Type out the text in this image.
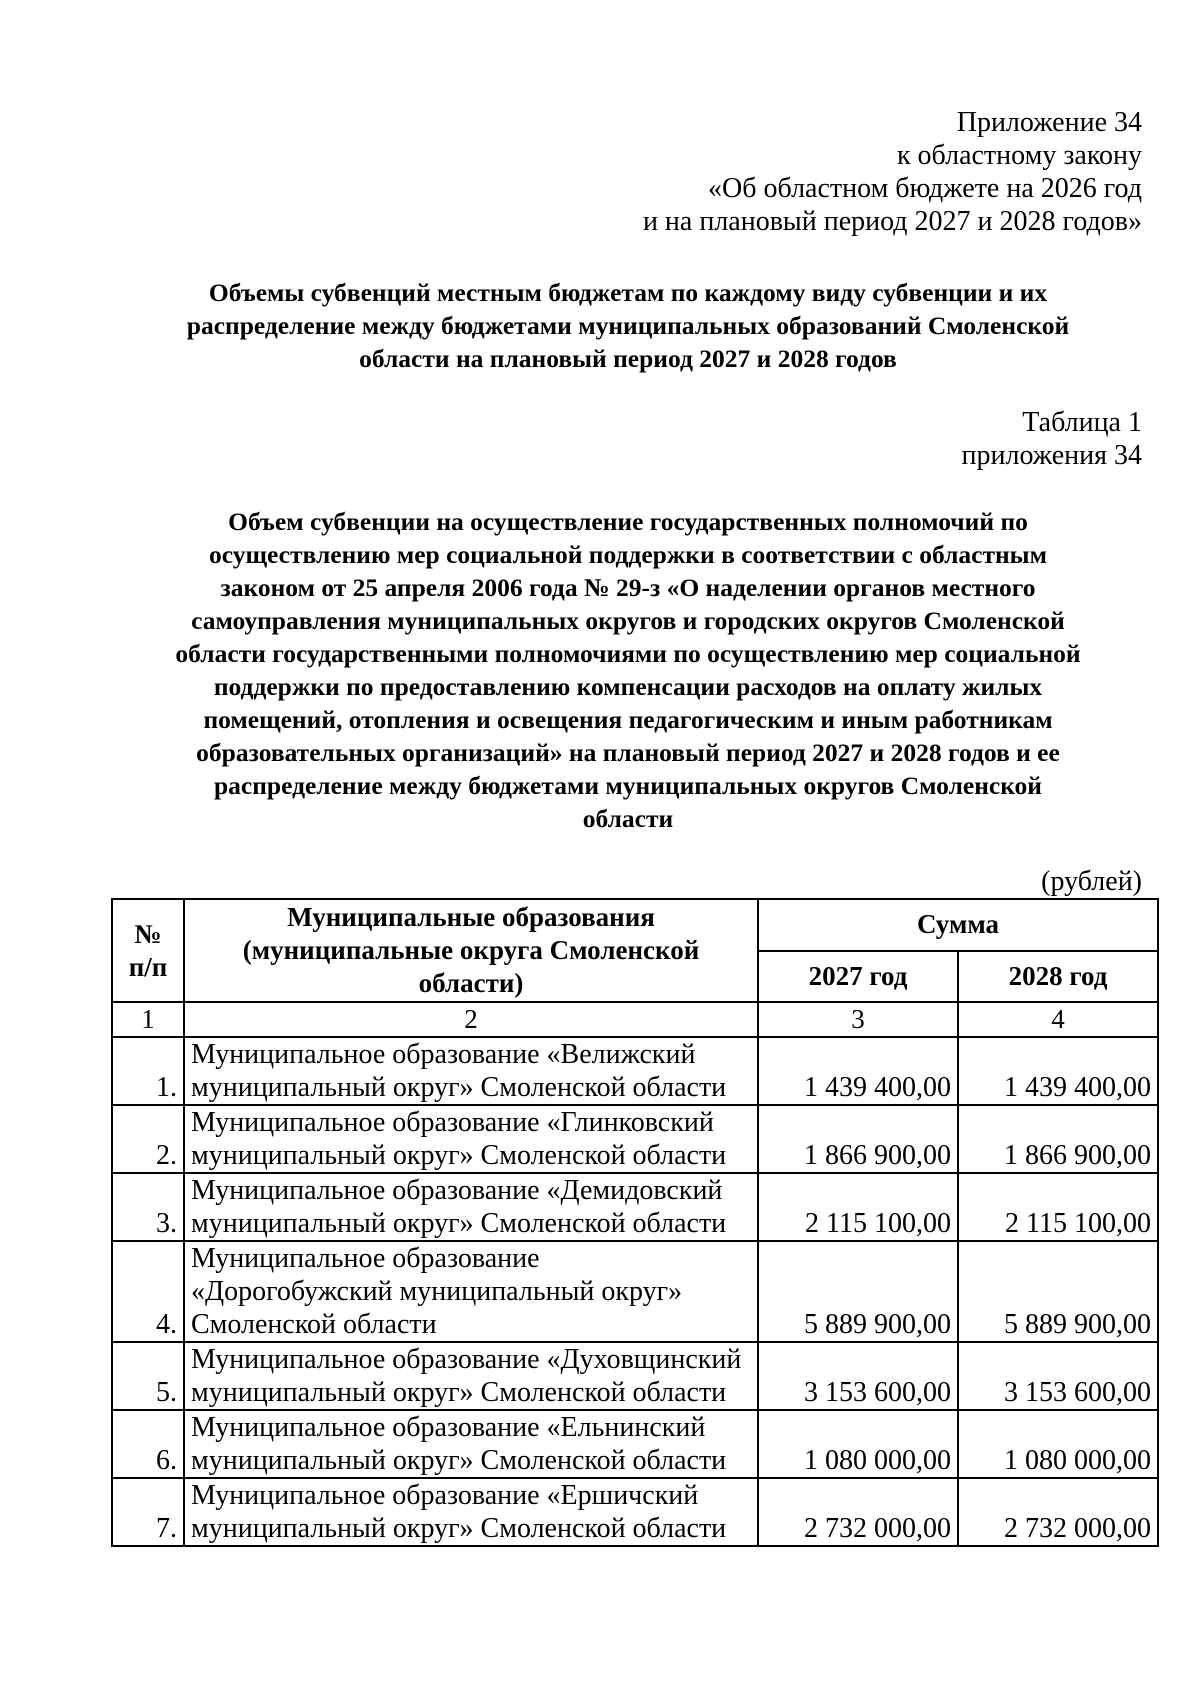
Приложение 34
к областному закону
«Об областном бюджете на 2026 год
и на плановый период 2027 и 2028 годов»
Объемы субвенций местным бюджетам по каждому виду субвенции и их
распределение между бюджетами муниципальных образований Смоленской
области на плановый период 2027 и 2028 годов
Таблица 1
приложения 34
Объем субвенции на осуществление государственных полномочий по
осуществлению мер социальной поддержки в соответствии с областным
законом от 25 апреля 2006 года № 29-з «О наделении органов местного
самоуправления муниципальных округов и городских округов Смоленской
области государственными полномочиями по осуществлению мер социальной
поддержки по предоставлению компенсации расходов на оплату жилых
помещений, отопления и освещения педагогическим и иным работникам
образовательных организаций» на плановый период 2027 и 2028 годов и ее
распределение между бюджетами муниципальных округов Смоленской
области
(рублей)
№
п/п	Муниципальные образования
(муниципальные округа Смоленской
области)	Сумма	
		2027 год	2028 год
1	2	3	4
1.	Муниципальное образование «Велижский
муниципальный округ» Смоленской области	1 439 400,00	1 439 400,00
2.	Муниципальное образование «Глинковский
муниципальный округ» Смоленской области	1 866 900,00	1 866 900,00
3.	Муниципальное образование «Демидовский
муниципальный округ» Смоленской области	2 115 100,00	2 115 100,00
4.	Муниципальное образование
«Дорогобужский муниципальный округ»
Смоленской области	5 889 900,00	5 889 900,00
5.	Муниципальное образование «Духовщинский
муниципальный округ» Смоленской области	3 153 600,00	3 153 600,00
6.	Муниципальное образование «Ельнинский
муниципальный округ» Смоленской области	1 080 000,00	1 080 000,00
7.	Муниципальное образование «Ершичский
муниципальный округ» Смоленской области	2 732 000,00	2 732 000,00
